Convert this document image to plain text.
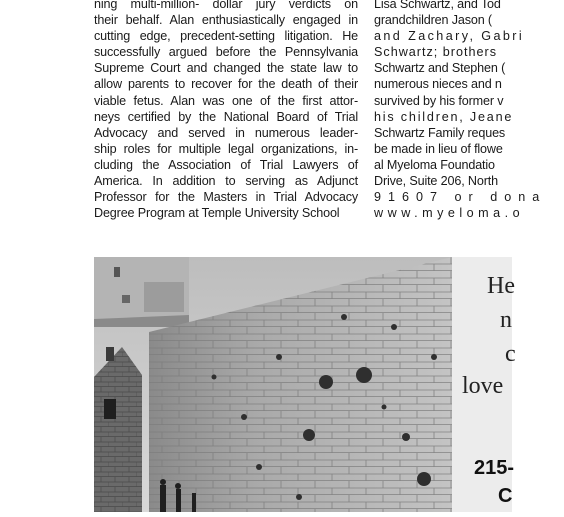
ning multi-million- dollar jury verdicts on
their behalf. Alan enthusiastically engaged in
cutting edge, precedent-setting litigation. He
successfully argued before the Pennsylvania
Supreme Court and changed the state law to
allow parents to recover for the death of their
viable fetus. Alan was one of the first attor-
neys certified by the National Board of Trial
Advocacy and served in numerous leader-
ship roles for multiple legal organizations, in-
cluding the Association of Trial Lawyers of
America. In addition to serving as Adjunct
Professor for the Masters in Trial Advocacy
Degree Program at Temple University School
Lisa Schwartz, and Tod
grandchildren Jason (
and Zachary, Gabri
Schwartz; brothers
Schwartz and Stephen (
numerous nieces and n
survived by his former v
his children, Jeane
Schwartz Family reques
be made in lieu of flowe
al Myeloma Foundatio
Drive, Suite 206, North
91607 or dona
www.myeloma.o
He
n
c
love
215-
C
